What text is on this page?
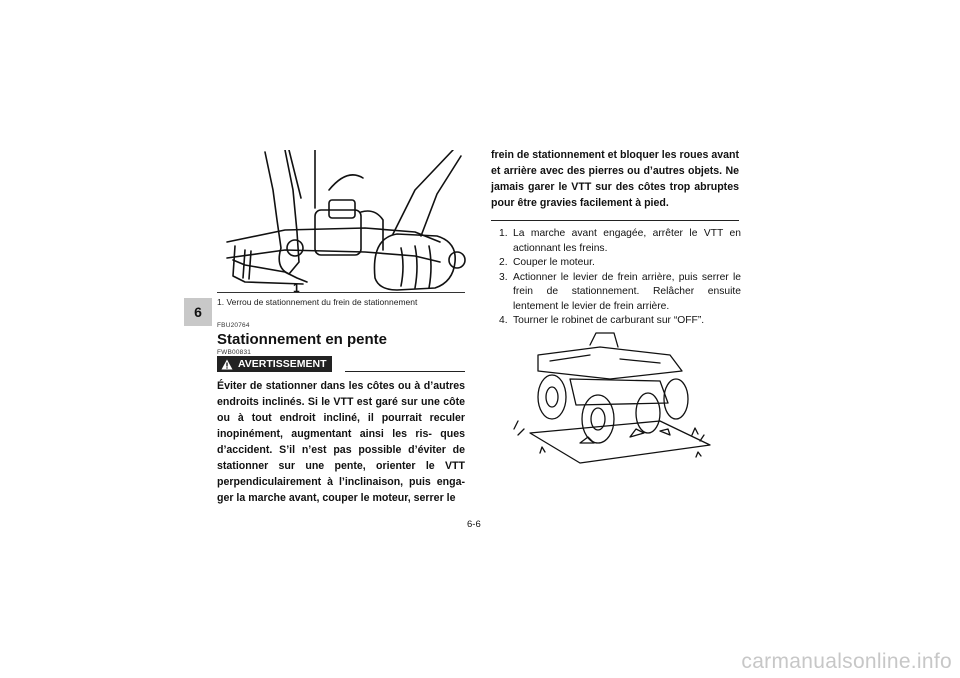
6
1
1. Verrou de stationnement du frein de stationnement
FBU20764
Stationnement en pente
FWB00831
AVERTISSEMENT

Éviter de stationner dans les côtes ou à d’autres endroits inclinés. Si le VTT est garé sur une côte ou à tout endroit incliné, il pourrait reculer inopinément, augmentant ainsi les ris- ques d’accident. S’il n’est pas possible d’éviter de stationner sur une pente, orienter le VTT perpendiculairement à l’inclinaison, puis enga- ger la marche avant, couper le moteur, serrer le

frein de stationnement et bloquer les roues avant et arrière avec des pierres ou d’autres objets. Ne jamais garer le VTT sur des côtes trop abruptes pour être gravies facilement à pied.

1. La marche avant engagée, arrêter le VTT en actionnant les freins.
2. Couper le moteur.
3. Actionner le levier de frein arrière, puis serrer le frein de stationnement. Relâcher ensuite lentement le levier de frein arrière.
4. Tourner le robinet de carburant sur “OFF”.
6-6
carmanualsonline.info
